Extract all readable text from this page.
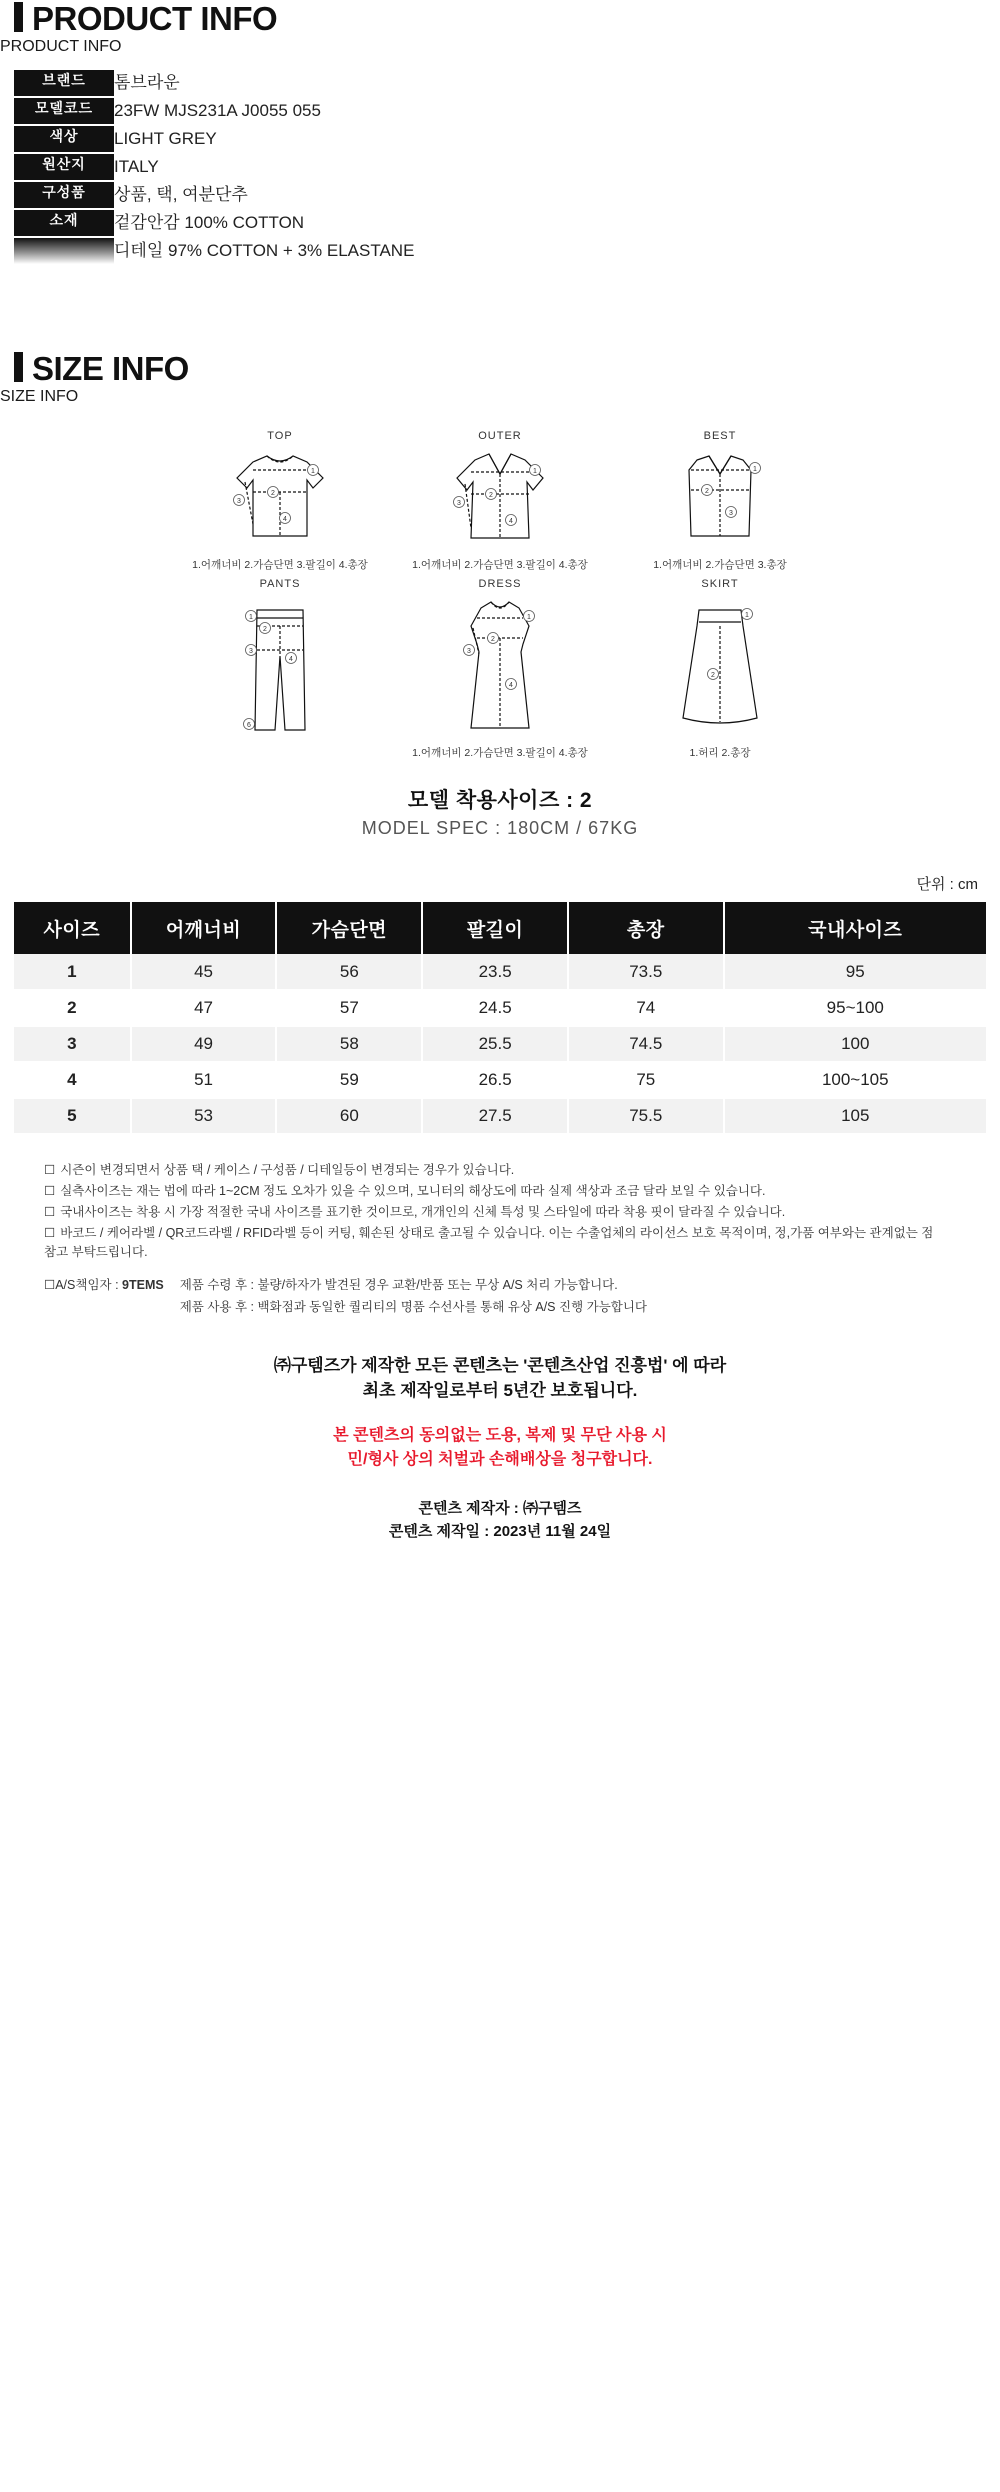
PRODUCT INFO
PRODUCT INFO
브랜드	톰브라운
모델코드	23FW MJS231A J0055 055
색상	LIGHT GREY
원산지	ITALY
구성품	상품, 택, 여분단추
소재	겉감안감 100% COTTON
	디테일 97% COTTON + 3% ELASTANE
SIZE INFO
SIZE INFO
TOP
1
2
3
4
1.어깨너비 2.가슴단면 3.팔길이 4.총장
OUTER
1
2
3
4
1.어깨너비 2.가슴단면 3.팔길이 4.총장
BEST
1
2
3
1.어깨너비 2.가슴단면 3.총장
PANTS
1
2
3
4
6
DRESS
1
2
3
4
1.어깨너비 2.가슴단면 3.팔길이 4.총장
SKIRT
1
2
1.허리 2.총장
모델 착용사이즈 : 2
MODEL SPEC : 180CM / 67KG
단위 : cm
사이즈	어깨너비	가슴단면	팔길이	총장	국내사이즈
1	45	56	23.5	73.5	95
2	47	57	24.5	74	95~100
3	49	58	25.5	74.5	100
4	51	59	26.5	75	100~105
5	53	60	27.5	75.5	105

☐ 시즌이 변경되면서 상품 택 / 케이스 / 구성품 / 디테일등이 변경되는 경우가 있습니다.

☐ 실측사이즈는 재는 법에 따라 1~2CM 정도 오차가 있을 수 있으며, 모니터의 해상도에 따라 실제 색상과 조금 달라 보일 수 있습니다.

☐ 국내사이즈는 착용 시 가장 적절한 국내 사이즈를 표기한 것이므로, 개개인의 신체 특성 및 스타일에 따라 착용 핏이 달라질 수 있습니다.

☐ 바코드 / 케어라벨 / QR코드라벨 / RFID라벨 등이 커팅, 훼손된 상태로 출고될 수 있습니다. 이는 수출업체의 라이선스 보호 목적이며, 정,가품 여부와는 관계없는 점 참고 부탁드립니다.

☐A/S책임자 : 9TEMS	제품 수령 후 : 불량/하자가 발견된 경우 교환/반품 또는 무상 A/S 처리 가능합니다.

제품 사용 후 : 백화점과 동일한 퀄리티의 명품 수선사를 통해 유상 A/S 진행 가능합니다

㈜구템즈가 제작한 모든 콘텐츠는 '콘텐츠산업 진흥법' 에 따라
최초 제작일로부터 5년간 보호됩니다.
본 콘텐츠의 동의없는 도용, 복제 및 무단 사용 시
민/형사 상의 처벌과 손해배상을 청구합니다.
콘텐츠 제작자 : ㈜구템즈
콘텐츠 제작일 : 2023년 11월 24일
